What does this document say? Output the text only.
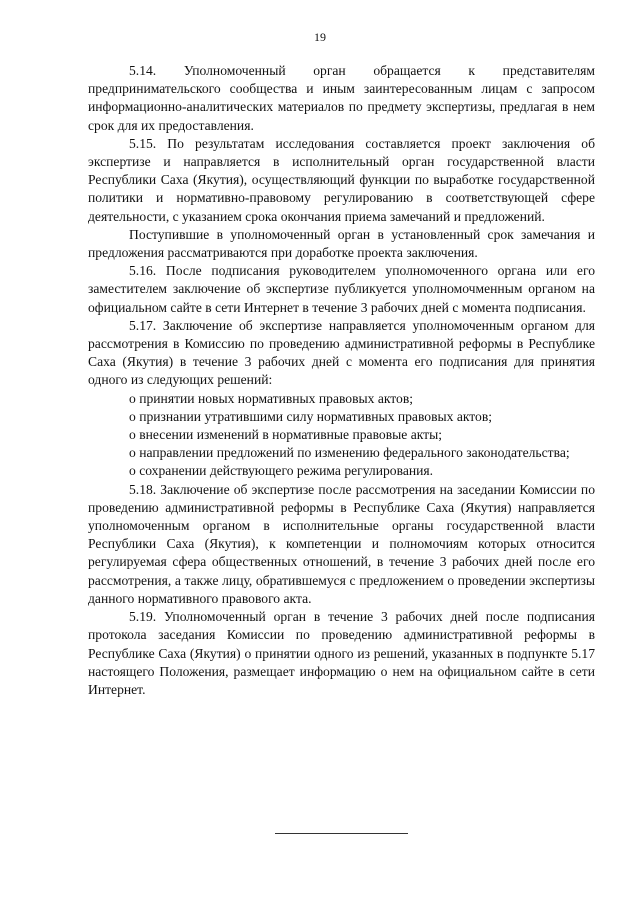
19

5.14. Уполномоченный орган обращается к представителям предпринимательского сообщества и иным заинтересованным лицам с запросом информационно-аналитических материалов по предмету экспертизы, предлагая в нем срок для их предоставления.

5.15. По результатам исследования составляется проект заключения об экспертизе и направляется в исполнительный орган государственной власти Республики Саха (Якутия), осуществляющий функции по выработке государственной политики и нормативно-правовому регулированию в соответствующей сфере деятельности, с указанием срока окончания приема замечаний и предложений.

Поступившие в уполномоченный орган в установленный срок замечания и предложения рассматриваются при доработке проекта заключения.

5.16. После подписания руководителем уполномоченного органа или его заместителем заключение об экспертизе публикуется уполномочменным органом на официальном сайте в сети Интернет в течение 3 рабочих дней с момента подписания.

5.17. Заключение об экспертизе направляется уполномоченным органом для рассмотрения в Комиссию по проведению административной реформы в Республике Саха (Якутия) в течение 3 рабочих дней с момента его подписания для принятия одного из следующих решений:

о принятии новых нормативных правовых актов;

о признании утратившими силу нормативных правовых актов;

о внесении изменений в нормативные правовые акты;

о направлении предложений по изменению федерального законодательства;

о сохранении действующего режима регулирования.

5.18. Заключение об экспертизе после рассмотрения на заседании Комиссии по проведению административной реформы в Республике Саха (Якутия) направляется уполномоченным органом в исполнительные органы государственной власти Республики Саха (Якутия), к компетенции и полномочиям которых относится регулируемая сфера общественных отношений, в течение 3 рабочих дней после его рассмотрения, а также лицу, обратившемуся с предложением о проведении экспертизы данного нормативного правового акта.

5.19. Уполномоченный орган в течение 3 рабочих дней после подписания протокола заседания Комиссии по проведению административной реформы в Республике Саха (Якутия) о принятии одного из решений, указанных в подпункте 5.17 настоящего Положения, размещает информацию о нем на официальном сайте в сети Интернет.
